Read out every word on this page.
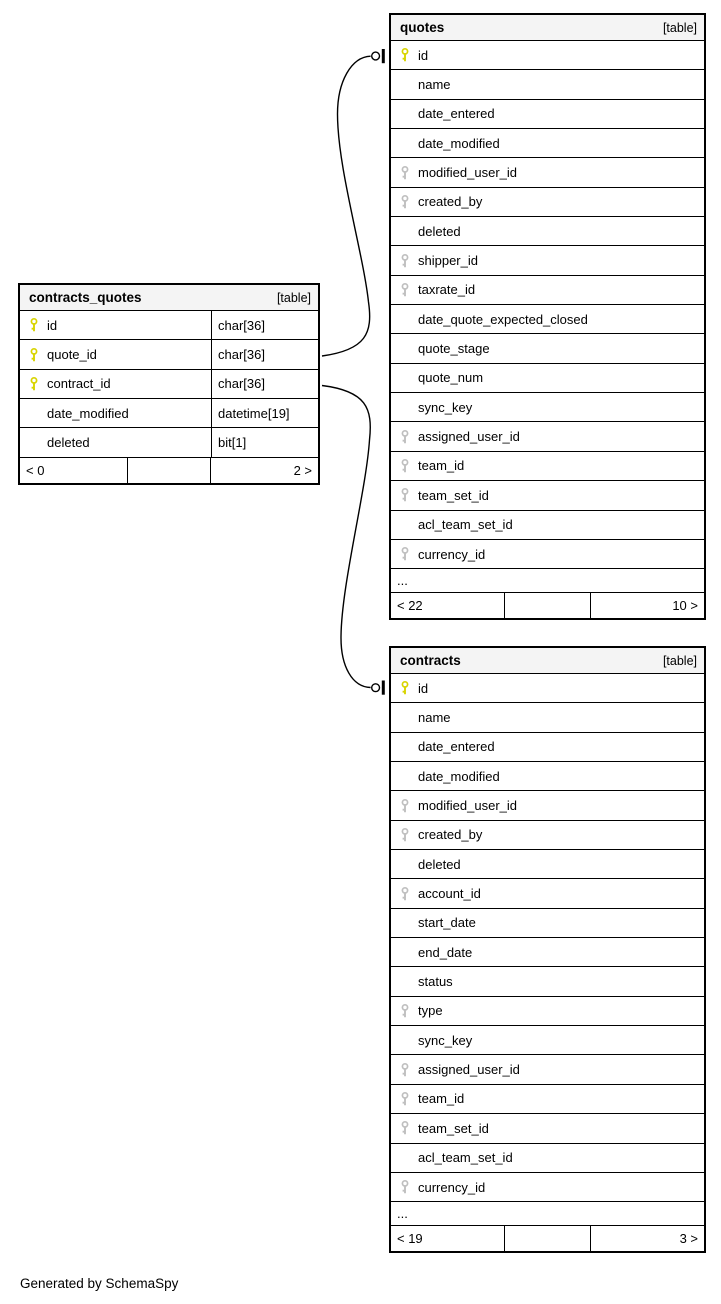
contracts_quotes	[table]
id	char[36]
quote_id	char[36]
contract_id	char[36]
date_modified	datetime[19]
deleted	bit[1]
< 0	2 >
quotes	[table]
id
name
date_entered
date_modified
modified_user_id
created_by
deleted
shipper_id
taxrate_id
date_quote_expected_closed
quote_stage
quote_num
sync_key
assigned_user_id
team_id
team_set_id
acl_team_set_id
currency_id
...
< 22	10 >
contracts	[table]
id
name
date_entered
date_modified
modified_user_id
created_by
deleted
account_id
start_date
end_date
status
type
sync_key
assigned_user_id
team_id
team_set_id
acl_team_set_id
currency_id
...
< 19	3 >
Generated by SchemaSpy
